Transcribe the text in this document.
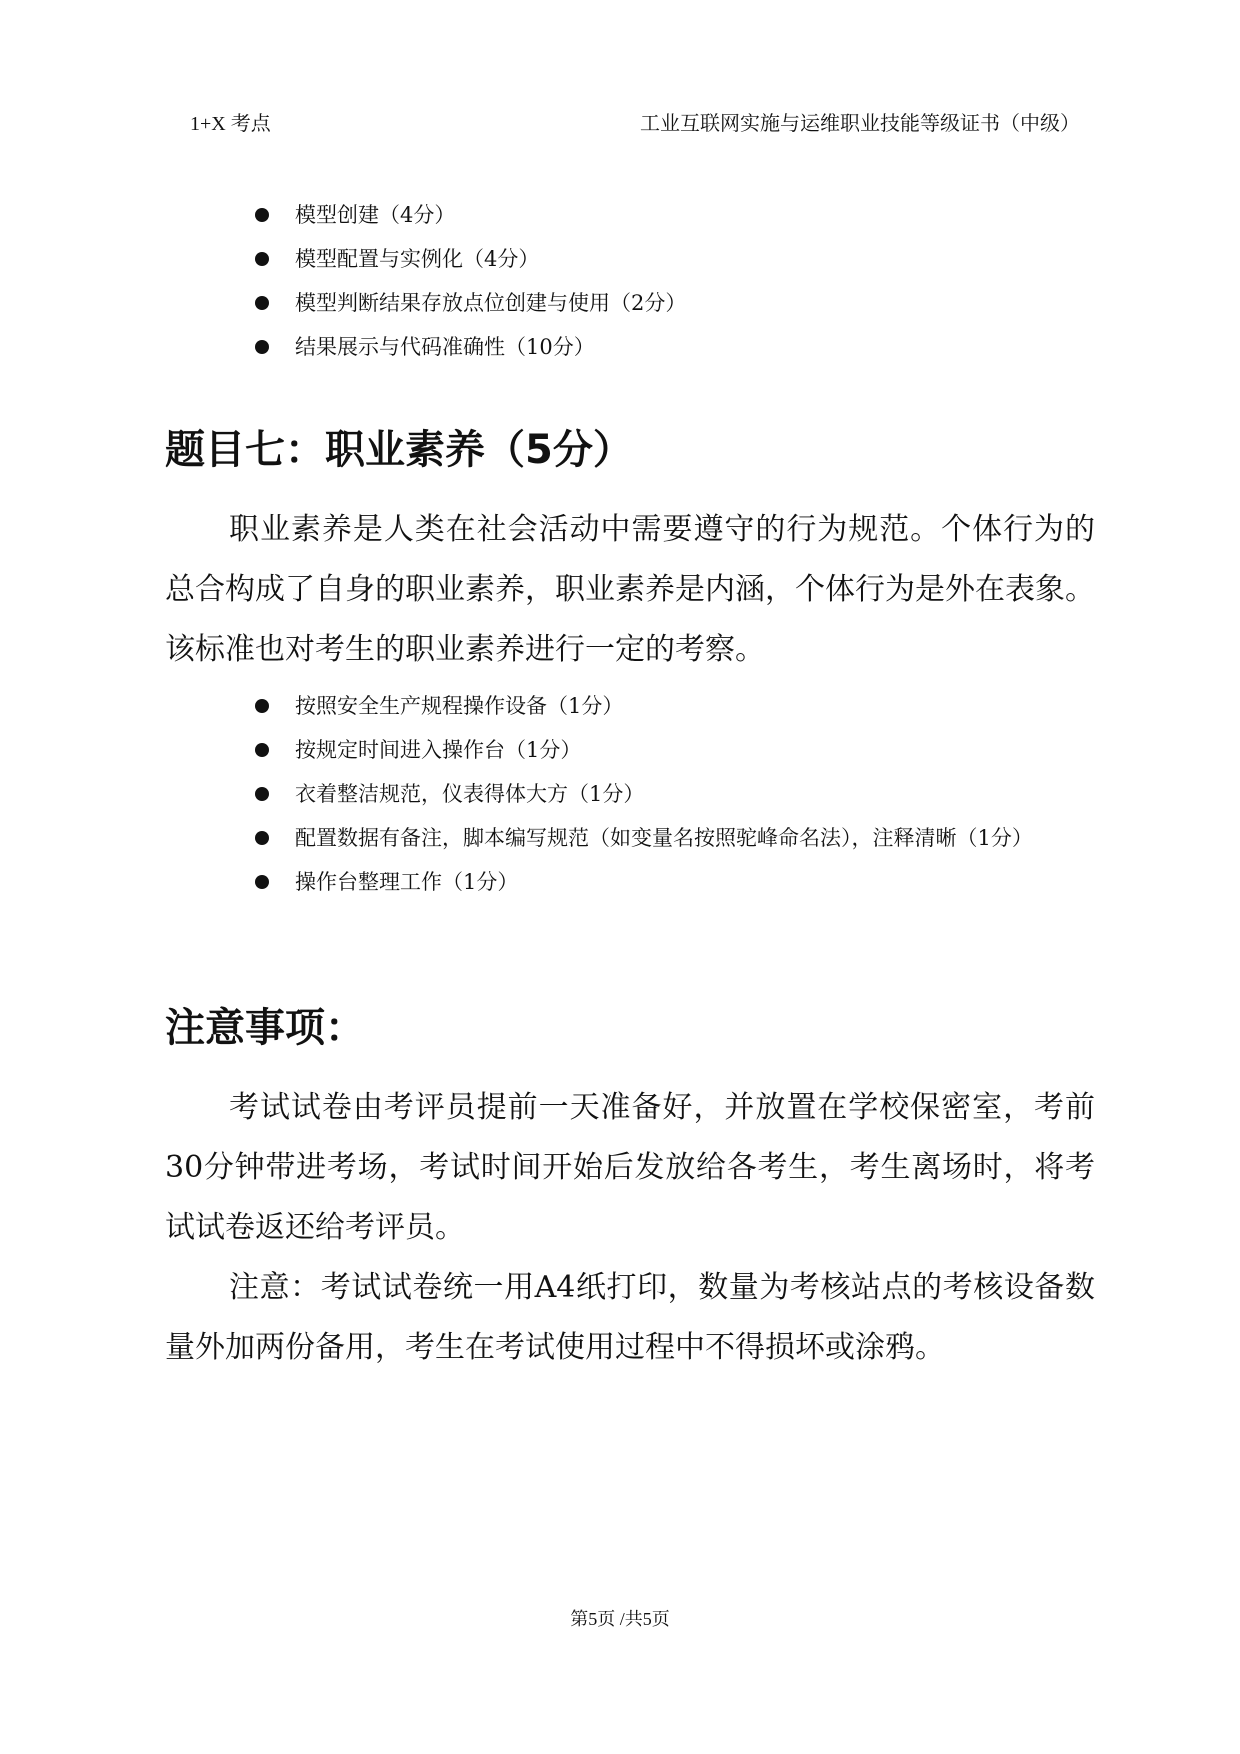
1+X 考点	工业互联网实施与运维职业技能等级证书（中级）
模型创建（4分）
模型配置与实例化（4分）
模型判断结果存放点位创建与使用（2分）
结果展示与代码准确性（10分）
题目七：职业素养（5分）

职业素养是人类在社会活动中需要遵守的行为规范。个体行为的总合构成了自身的职业素养，职业素养是内涵，个体行为是外在表象。该标准也对考生的职业素养进行一定的考察。

按照安全生产规程操作设备（1分）
按规定时间进入操作台（1分）
衣着整洁规范，仪表得体大方（1分）
配置数据有备注，脚本编写规范（如变量名按照驼峰命名法），注释清晰（1分）
操作台整理工作（1分）
注意事项：

考试试卷由考评员提前一天准备好，并放置在学校保密室，考前30分钟带进考场，考试时间开始后发放给各考生，考生离场时，将考试试卷返还给考评员。

注意：考试试卷统一用A4纸打印，数量为考核站点的考核设备数量外加两份备用，考生在考试使用过程中不得损坏或涂鸦。

第5页 /共5页
